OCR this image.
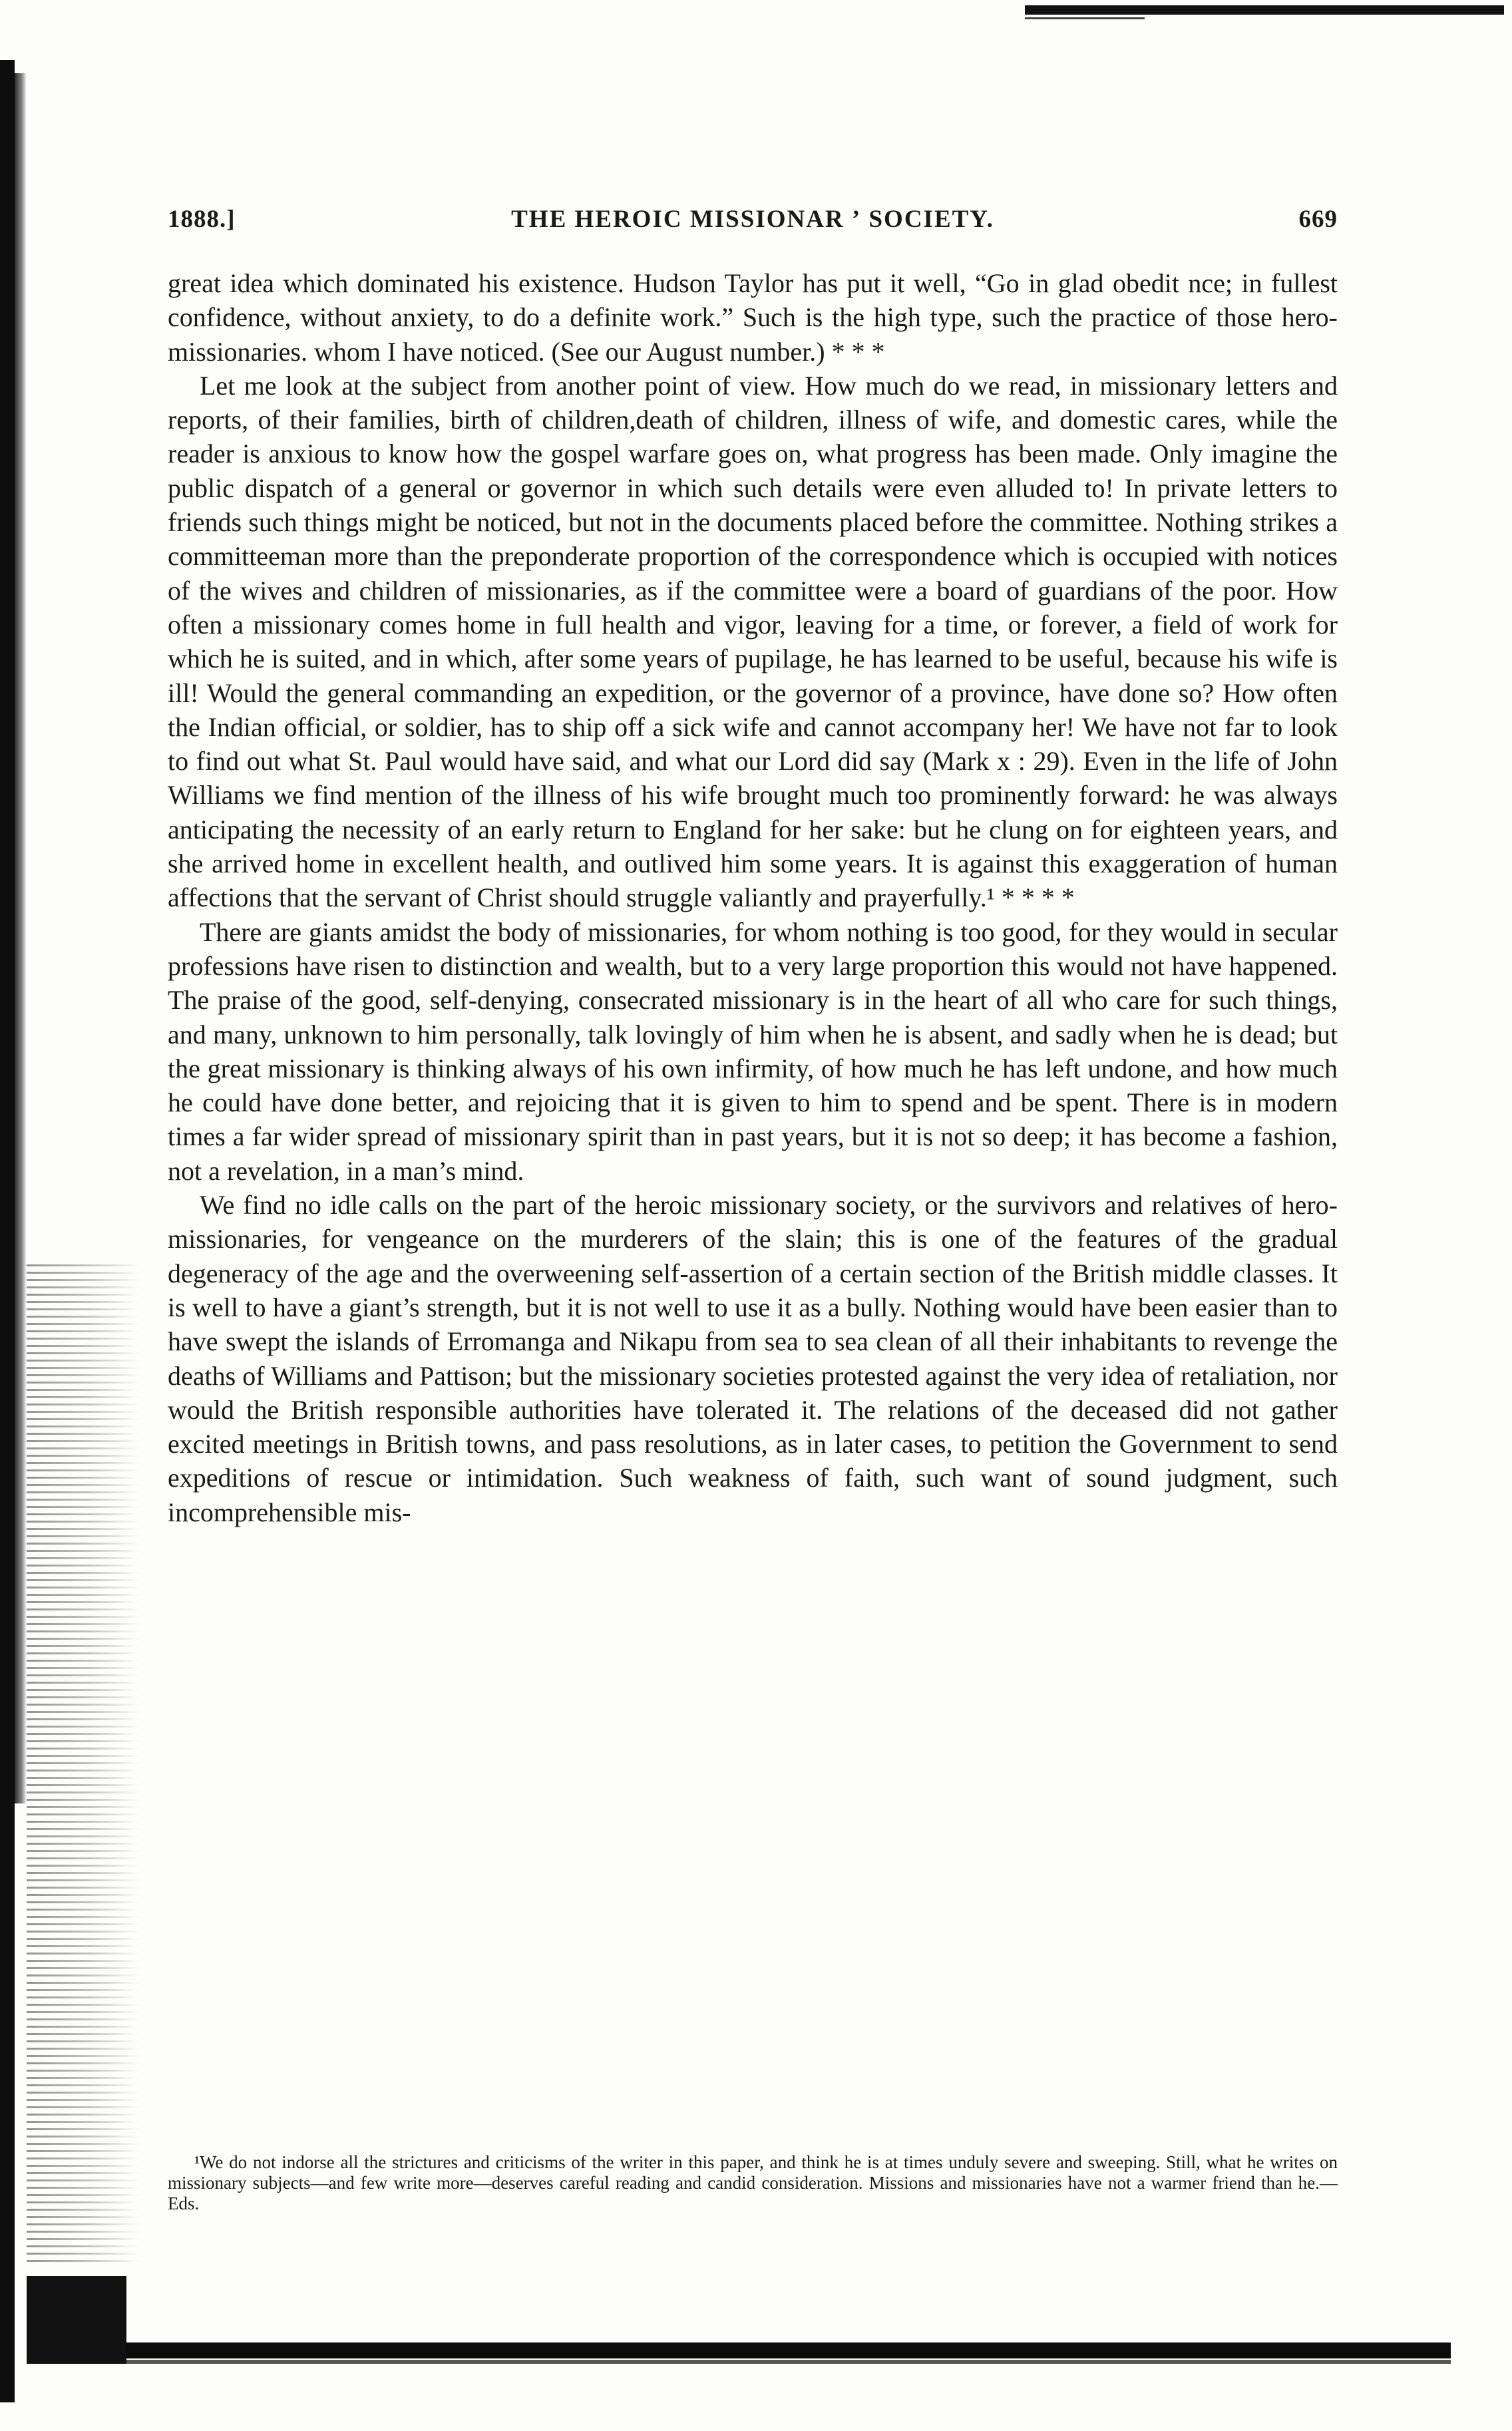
1888.]	THE HEROIC MISSIONAR ʼ SOCIETY.	669

great idea which dominated his existence. Hudson Taylor has put it well, “Go in glad obedit nce; in fullest confidence, without anxiety, to do a definite work.” Such is the high type, such the practice of those hero-missionaries. whom I have noticed. (See our August number.) * * *

Let me look at the subject from another point of view. How much do we read, in missionary letters and reports, of their families, birth of children,death of children, illness of wife, and domestic cares, while the reader is anxious to know how the gospel warfare goes on, what progress has been made. Only imagine the public dispatch of a general or governor in which such details were even alluded to! In private letters to friends such things might be noticed, but not in the documents placed before the committee. Nothing strikes a committeeman more than the preponderate proportion of the correspondence which is occupied with notices of the wives and children of missionaries, as if the committee were a board of guardians of the poor. How often a missionary comes home in full health and vigor, leaving for a time, or forever, a field of work for which he is suited, and in which, after some years of pupilage, he has learned to be useful, because his wife is ill! Would the general commanding an expedition, or the governor of a province, have done so? How often the Indian official, or soldier, has to ship off a sick wife and cannot accompany her! We have not far to look to find out what St. Paul would have said, and what our Lord did say (Mark x : 29). Even in the life of John Williams we find mention of the illness of his wife brought much too prominently forward: he was always anticipating the necessity of an early return to England for her sake: but he clung on for eighteen years, and she arrived home in excellent health, and outlived him some years. It is against this exaggeration of human affections that the servant of Christ should struggle valiantly and prayerfully.¹ * * * *

There are giants amidst the body of missionaries, for whom nothing is too good, for they would in secular professions have risen to distinction and wealth, but to a very large proportion this would not have happened. The praise of the good, self-denying, consecrated missionary is in the heart of all who care for such things, and many, unknown to him personally, talk lovingly of him when he is absent, and sadly when he is dead; but the great missionary is thinking always of his own infirmity, of how much he has left undone, and how much he could have done better, and rejoicing that it is given to him to spend and be spent. There is in modern times a far wider spread of missionary spirit than in past years, but it is not so deep; it has become a fashion, not a revelation, in a man’s mind.

We find no idle calls on the part of the heroic missionary society, or the survivors and relatives of hero-missionaries, for vengeance on the murderers of the slain; this is one of the features of the gradual degeneracy of the age and the overweening self-assertion of a certain section of the British middle classes. It is well to have a giant’s strength, but it is not well to use it as a bully. Nothing would have been easier than to have swept the islands of Erromanga and Nikapu from sea to sea clean of all their inhabitants to revenge the deaths of Williams and Pattison; but the missionary societies protested against the very idea of retaliation, nor would the British responsible authorities have tolerated it. The relations of the deceased did not gather excited meetings in British towns, and pass resolutions, as in later cases, to petition the Government to send expeditions of rescue or intimidation. Such weakness of faith, such want of sound judgment, such incomprehensible mis-

¹We do not indorse all the strictures and criticisms of the writer in this paper, and think he is at times unduly severe and sweeping. Still, what he writes on missionary subjects—and few write more—deserves careful reading and candid consideration. Missions and missionaries have not a warmer friend than he.—Eds.
